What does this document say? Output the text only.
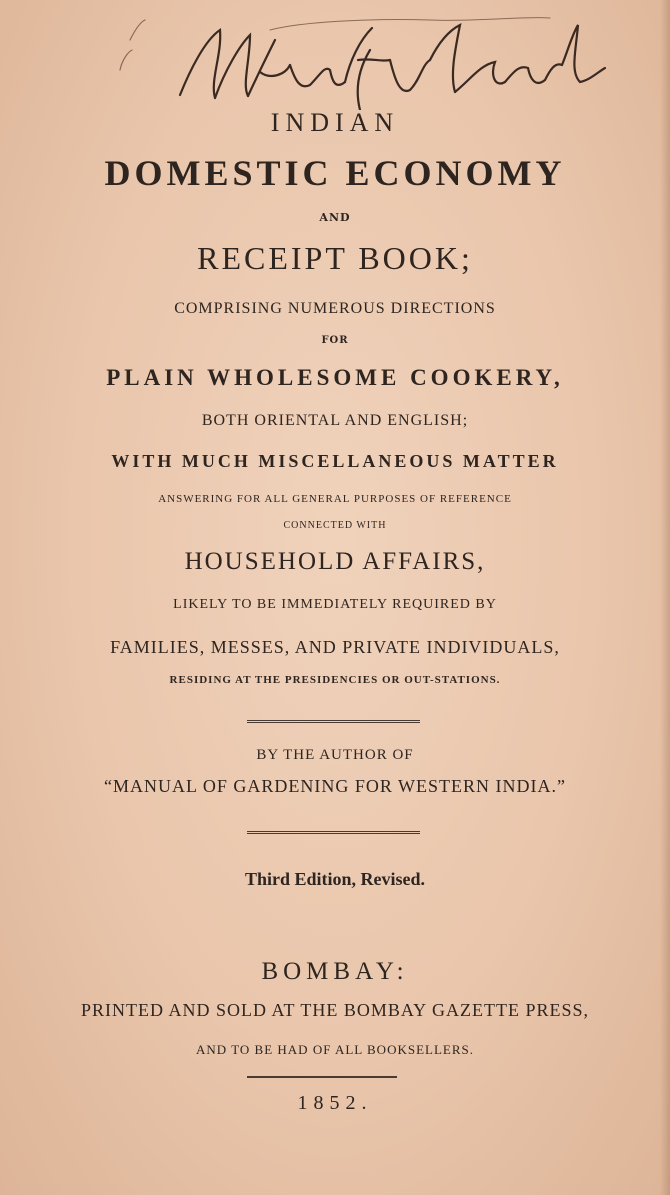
INDIAN
DOMESTIC ECONOMY
AND
RECEIPT BOOK;
COMPRISING NUMEROUS DIRECTIONS
FOR
PLAIN WHOLESOME COOKERY,
BOTH ORIENTAL AND ENGLISH;
WITH MUCH MISCELLANEOUS MATTER
ANSWERING FOR ALL GENERAL PURPOSES OF REFERENCE
CONNECTED WITH
HOUSEHOLD AFFAIRS,
LIKELY TO BE IMMEDIATELY REQUIRED BY
FAMILIES, MESSES, AND PRIVATE INDIVIDUALS,
RESIDING AT THE PRESIDENCIES OR OUT-STATIONS.
BY THE AUTHOR OF
“MANUAL OF GARDENING FOR WESTERN INDIA.”
Third Edition, Revised.
BOMBAY:
PRINTED AND SOLD AT THE BOMBAY GAZETTE PRESS,
AND TO BE HAD OF ALL BOOKSELLERS.
1852.
